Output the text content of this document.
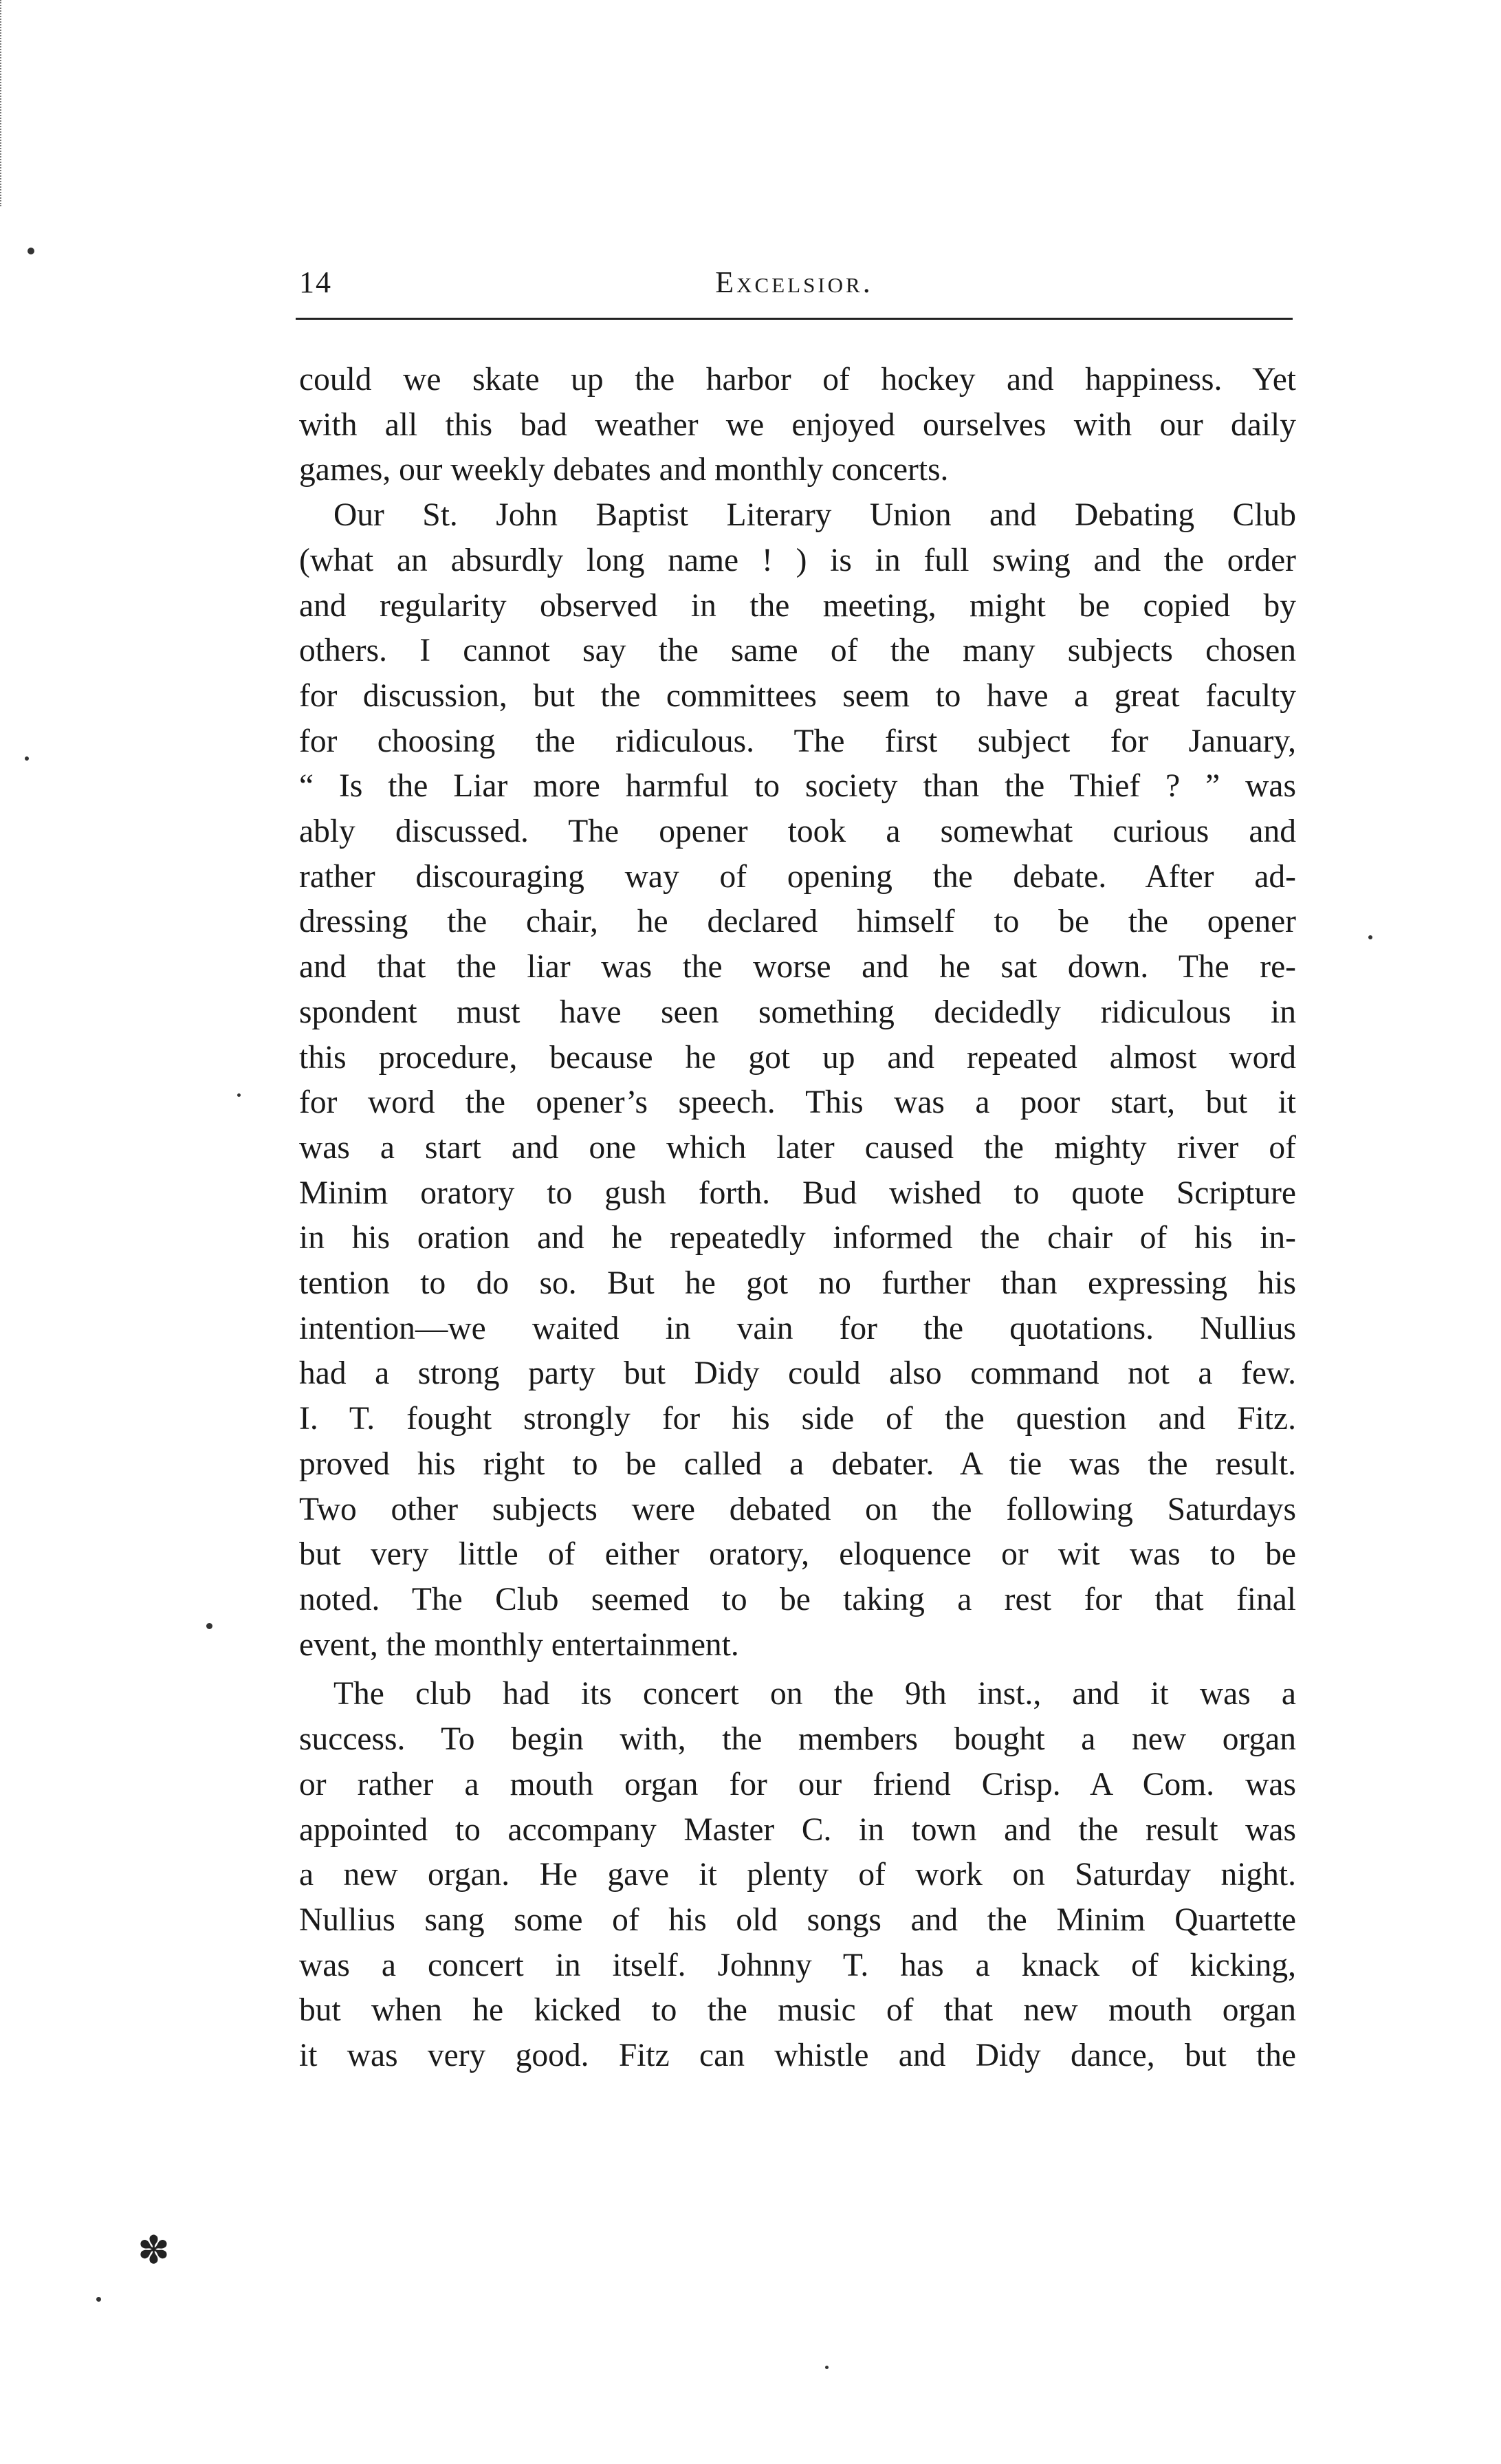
14	Excelsior.
could we skate up the harbor of hockey and happiness. Yet
with all this bad weather we enjoyed ourselves with our daily
games, our weekly debates and monthly concerts.
Our St. John Baptist Literary Union and Debating Club
(what an absurdly long name ! ) is in full swing and the order
and regularity observed in the meeting, might be copied by
others. I cannot say the same of the many subjects chosen
for discussion, but the committees seem to have a great faculty
for choosing the ridiculous. The first subject for January,
“ Is the Liar more harmful to society than the Thief ? ” was
ably discussed. The opener took a somewhat curious and
rather discouraging way of opening the debate. After ad-
dressing the chair, he declared himself to be the opener
and that the liar was the worse and he sat down. The re-
spondent must have seen something decidedly ridiculous in
this procedure, because he got up and repeated almost word
for word the opener’s speech. This was a poor start, but it
was a start and one which later caused the mighty river of
Minim oratory to gush forth. Bud wished to quote Scripture
in his oration and he repeatedly informed the chair of his in-
tention to do so. But he got no further than expressing his
intention—we waited in vain for the quotations. Nullius
had a strong party but Didy could also command not a few.
I. T. fought strongly for his side of the question and Fitz.
proved his right to be called a debater. A tie was the result.
Two other subjects were debated on the following Saturdays
but very little of either oratory, eloquence or wit was to be
noted. The Club seemed to be taking a rest for that final
event, the monthly entertainment.
The club had its concert on the 9th inst., and it was a
success. To begin with, the members bought a new organ
or rather a mouth organ for our friend Crisp. A Com. was
appointed to accompany Master C. in town and the result was
a new organ. He gave it plenty of work on Saturday night.
Nullius sang some of his old songs and the Minim Quartette
was a concert in itself. Johnny T. has a knack of kicking,
but when he kicked to the music of that new mouth organ
it was very good. Fitz can whistle and Didy dance, but the
✽
